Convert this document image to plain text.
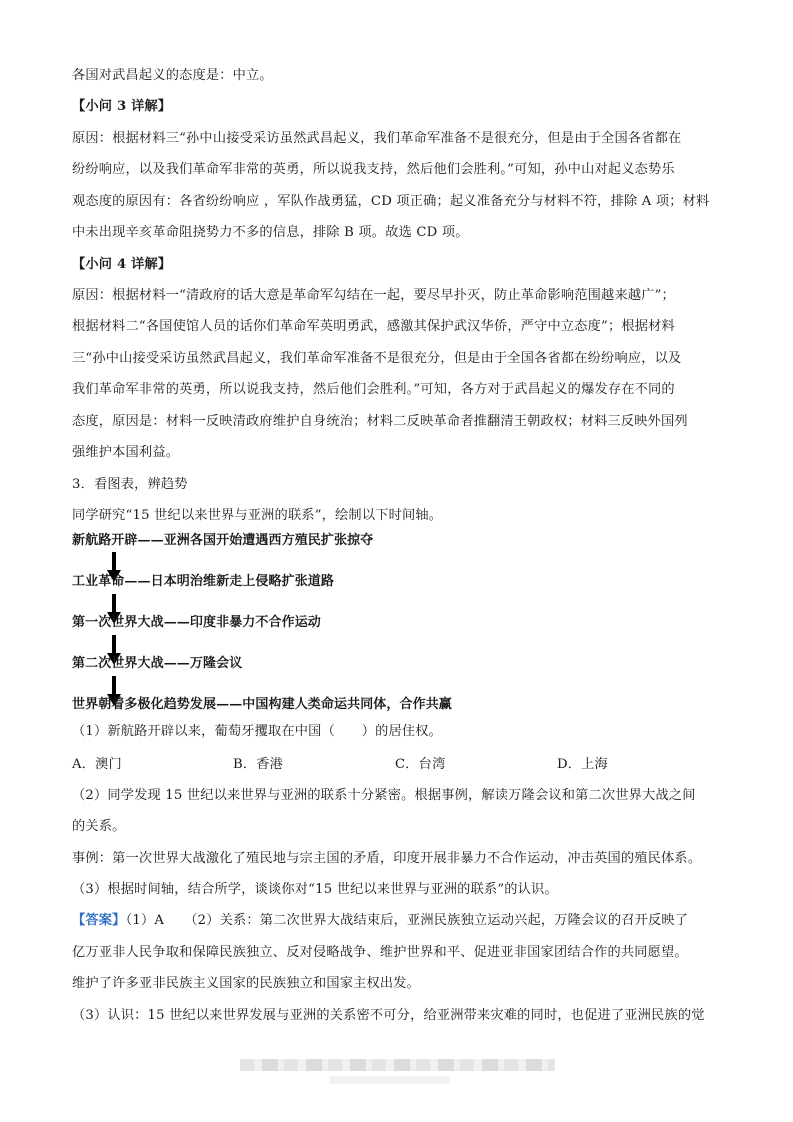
各国对武昌起义的态度是：中立。
【小问 3 详解】
原因：根据材料三“孙中山接受采访虽然武昌起义，我们革命军准备不是很充分，但是由于全国各省都在
纷纷响应，以及我们革命军非常的英勇，所以说我支持，然后他们会胜利。”可知，孙中山对起义态势乐
观态度的原因有：各省纷纷响应 ，军队作战勇猛，CD 项正确；起义准备充分与材料不符，排除 A 项；材料
中未出现辛亥革命阻挠势力不多的信息，排除 B 项。故选 CD 项。
【小问 4 详解】
原因：根据材料一“清政府的话大意是革命军勾结在一起，要尽早扑灭，防止革命影响范围越来越广”；
根据材料二“各国使馆人员的话你们革命军英明勇武，感激其保护武汉华侨，严守中立态度”；根据材料
三“孙中山接受采访虽然武昌起义，我们革命军准备不是很充分，但是由于全国各省都在纷纷响应，以及
我们革命军非常的英勇，所以说我支持，然后他们会胜利。”可知，各方对于武昌起义的爆发存在不同的
态度，原因是：材料一反映清政府维护自身统治；材料二反映革命者推翻清王朝政权；材料三反映外国列
强维护本国利益。
3．看图表，辨趋势
同学研究“15 世纪以来世界与亚洲的联系”，绘制以下时间轴。
新航路开辟——亚洲各国开始遭遇西方殖民扩张掠夺
工业革命——日本明治维新走上侵略扩张道路
第一次世界大战——印度非暴力不合作运动
第二次世界大战——万隆会议
世界朝着多极化趋势发展——中国构建人类命运共同体，合作共赢
（1）新航路开辟以来，葡萄牙攫取在中国（　　）的居住权。
A．澳门	B．香港	C．台湾	D．上海
（2）同学发现 15 世纪以来世界与亚洲的联系十分紧密。根据事例，解读万隆会议和第二次世界大战之间
的关系。
事例：第一次世界大战激化了殖民地与宗主国的矛盾，印度开展非暴力不合作运动，冲击英国的殖民体系。
（3）根据时间轴，结合所学，谈谈你对“15 世纪以来世界与亚洲的联系”的认识。
【答案】（1）A　　（2）关系：第二次世界大战结束后，亚洲民族独立运动兴起，万隆会议的召开反映了
亿万亚非人民争取和保障民族独立、反对侵略战争、维护世界和平、促进亚非国家团结合作的共同愿望。
维护了许多亚非民族主义国家的民族独立和国家主权出发。
（3）认识：15 世纪以来世界发展与亚洲的关系密不可分，给亚洲带来灾难的同时，也促进了亚洲民族的觉
